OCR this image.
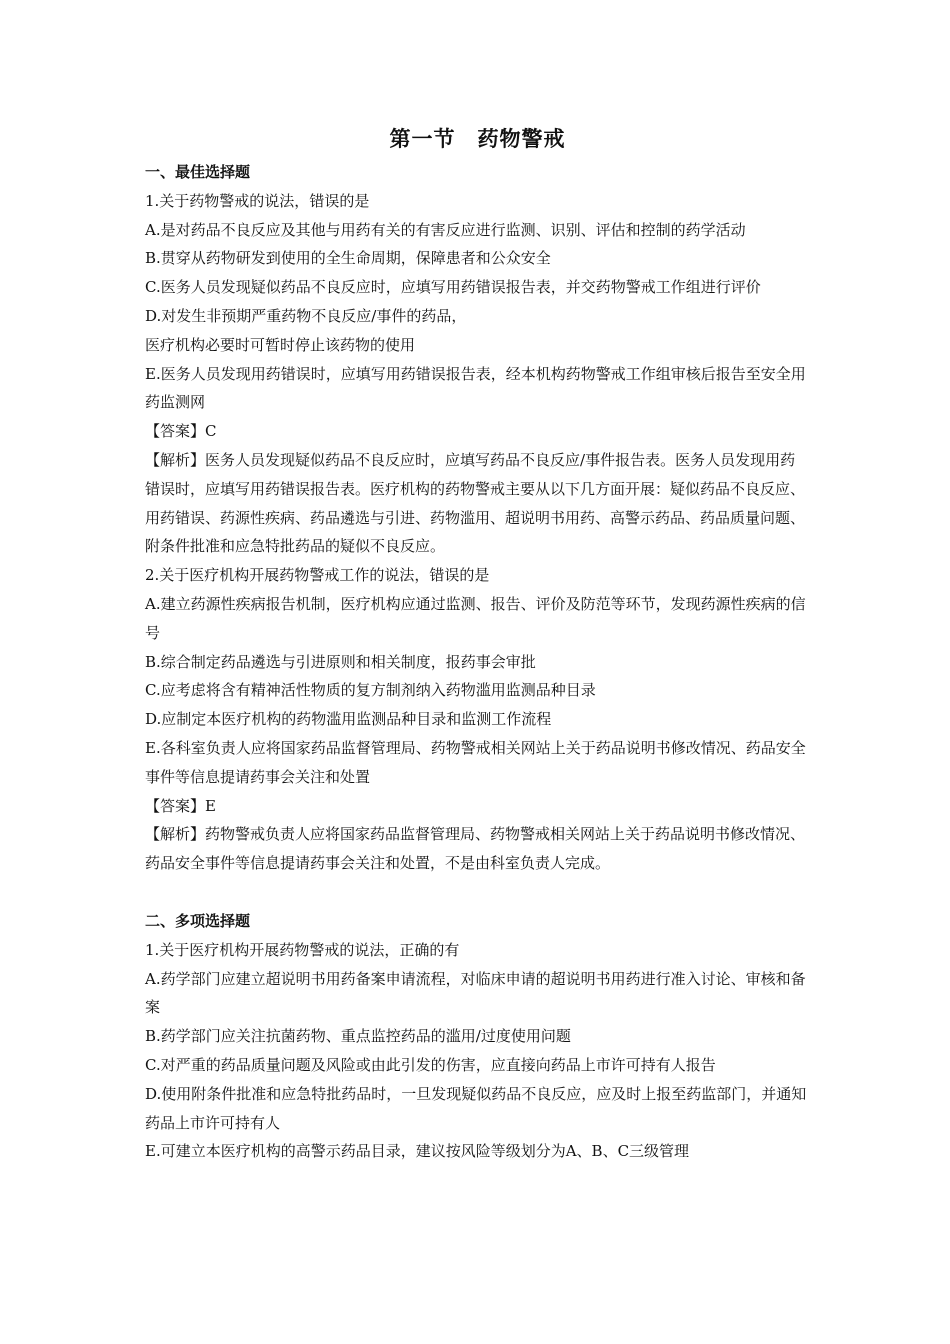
第一节　药物警戒
一、最佳选择题
1.关于药物警戒的说法，错误的是
A.是对药品不良反应及其他与用药有关的有害反应进行监测、识别、评估和控制的药学活动
B.贯穿从药物研发到使用的全生命周期，保障患者和公众安全
C.医务人员发现疑似药品不良反应时，应填写用药错误报告表，并交药物警戒工作组进行评价
D.对发生非预期严重药物不良反应/事件的药品，
医疗机构必要时可暂时停止该药物的使用
E.医务人员发现用药错误时，应填写用药错误报告表，经本机构药物警戒工作组审核后报告至安全用药监测网
【答案】C
【解析】医务人员发现疑似药品不良反应时，应填写药品不良反应/事件报告表。医务人员发现用药错误时，应填写用药错误报告表。医疗机构的药物警戒主要从以下几方面开展：疑似药品不良反应、用药错误、药源性疾病、药品遴选与引进、药物滥用、超说明书用药、高警示药品、药品质量问题、附条件批准和应急特批药品的疑似不良反应。
2.关于医疗机构开展药物警戒工作的说法，错误的是
A.建立药源性疾病报告机制，医疗机构应通过监测、报告、评价及防范等环节，发现药源性疾病的信号
B.综合制定药品遴选与引进原则和相关制度，报药事会审批
C.应考虑将含有精神活性物质的复方制剂纳入药物滥用监测品种目录
D.应制定本医疗机构的药物滥用监测品种目录和监测工作流程
E.各科室负责人应将国家药品监督管理局、药物警戒相关网站上关于药品说明书修改情况、药品安全事件等信息提请药事会关注和处置
【答案】E
【解析】药物警戒负责人应将国家药品监督管理局、药物警戒相关网站上关于药品说明书修改情况、药品安全事件等信息提请药事会关注和处置，不是由科室负责人完成。
二、多项选择题
1.关于医疗机构开展药物警戒的说法，正确的有
A.药学部门应建立超说明书用药备案申请流程，对临床申请的超说明书用药进行准入讨论、审核和备案
B.药学部门应关注抗菌药物、重点监控药品的滥用/过度使用问题
C.对严重的药品质量问题及风险或由此引发的伤害，应直接向药品上市许可持有人报告
D.使用附条件批准和应急特批药品时，一旦发现疑似药品不良反应，应及时上报至药监部门，并通知药品上市许可持有人
E.可建立本医疗机构的高警示药品目录，建议按风险等级划分为A、B、C三级管理
